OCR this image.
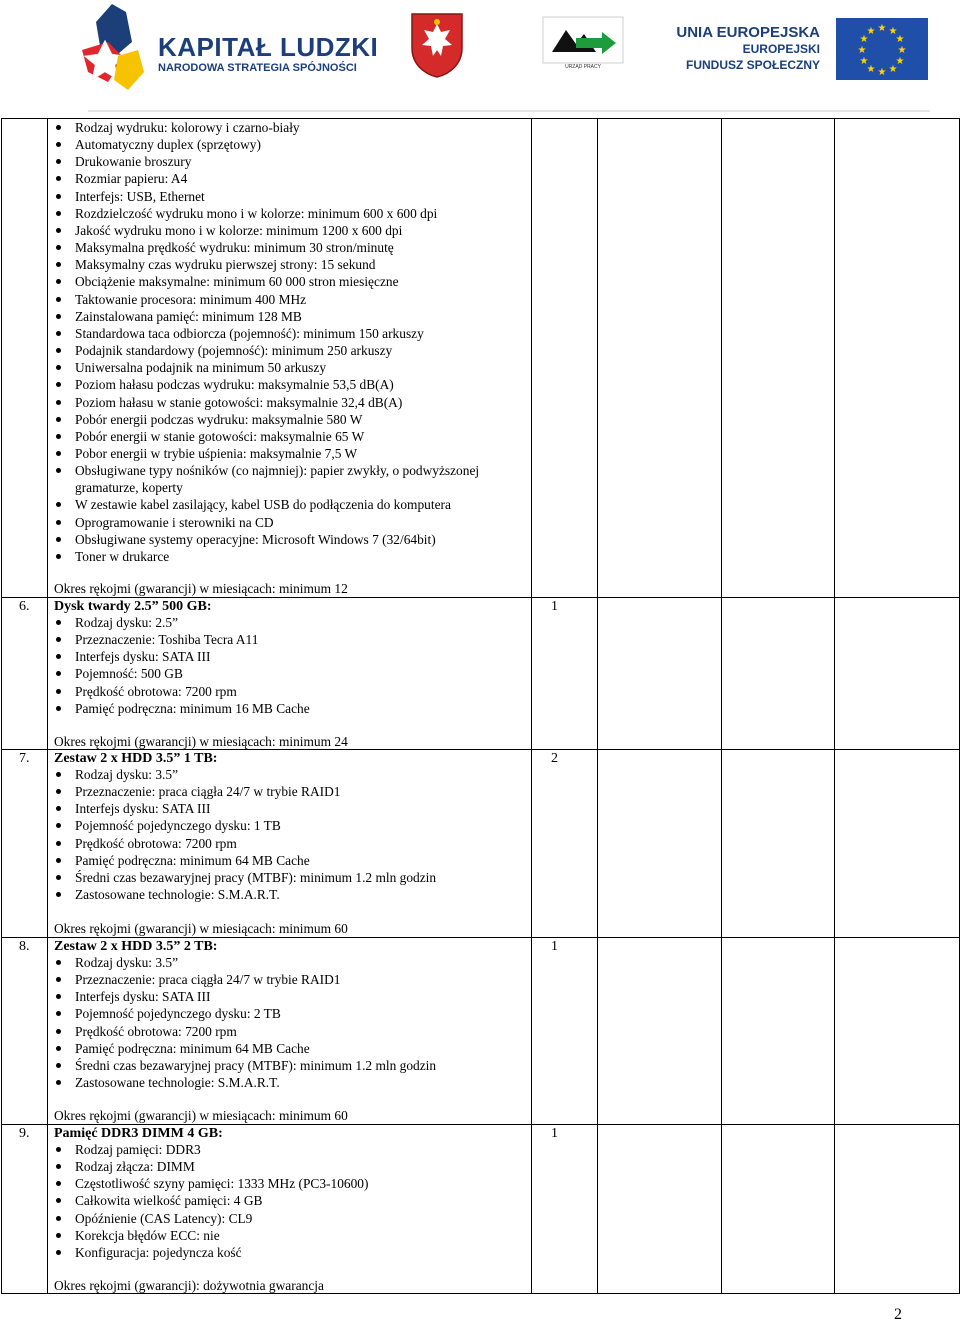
KAPITAŁ LUDZKI
NARODOWA STRATEGIA SPÓJNOŚCI	URZĄD PRACY
UNIA EUROPEJSKA
EUROPEJSKI
FUNDUSZ SPOŁECZNY
★ ★
★
★
★
★
★
★
★
★
★
★
Rodzaj wydruku: kolorowy i czarno-biały
Automatyczny duplex (sprzętowy)
Drukowanie broszury
Rozmiar papieru: A4
Interfejs: USB, Ethernet
Rozdzielczość wydruku mono i w kolorze: minimum 600 x 600 dpi
Jakość wydruku mono i w kolorze: minimum 1200 x 600 dpi
Maksymalna prędkość wydruku: minimum 30 stron/minutę
Maksymalny czas wydruku pierwszej strony: 15 sekund
Obciążenie maksymalne: minimum 60 000 stron miesięczne
Taktowanie procesora: minimum 400 MHz
Zainstalowana pamięć: minimum 128 MB
Standardowa taca odbiorcza (pojemność): minimum 150 arkuszy
Podajnik standardowy (pojemność): minimum 250 arkuszy
Uniwersalna podajnik na minimum 50 arkuszy
Poziom hałasu podczas wydruku: maksymalnie 53,5 dB(A)
Poziom hałasu w stanie gotowości: maksymalnie 32,4 dB(A)
Pobór energii podczas wydruku: maksymalnie 580 W
Pobór energii w stanie gotowości: maksymalnie 65 W
Pobor energii w trybie uśpienia: maksymalnie 7,5 W
Obsługiwane typy nośników (co najmniej): papier zwykły, o podwyższonej gramaturze, koperty
W zestawie kabel zasilający, kabel USB do podłączenia do komputera
Oprogramowanie i sterowniki na CD
Obsługiwane systemy operacyjne: Microsoft Windows 7 (32/64bit)
Toner w drukarce
Okres rękojmi (gwarancji) w miesiącach: minimum 12
6. Dysk twardy 2.5” 500 GB:	1
Rodzaj dysku: 2.5”
Przeznaczenie: Toshiba Tecra A11
Interfejs dysku: SATA III
Pojemność: 500 GB
Prędkość obrotowa: 7200 rpm
Pamięć podręczna: minimum 16 MB Cache
Okres rękojmi (gwarancji) w miesiącach: minimum 24
7. Zestaw 2 x HDD 3.5” 1 TB:	2
Rodzaj dysku: 3.5”
Przeznaczenie: praca ciągła 24/7 w trybie RAID1
Interfejs dysku: SATA III
Pojemność pojedynczego dysku: 1 TB
Prędkość obrotowa: 7200 rpm
Pamięć podręczna: minimum 64 MB Cache
Średni czas bezawaryjnej pracy (MTBF): minimum 1.2 mln godzin
Zastosowane technologie: S.M.A.R.T.
Okres rękojmi (gwarancji) w miesiącach: minimum 60
8. Zestaw 2 x HDD 3.5” 2 TB:	1
Rodzaj dysku: 3.5”
Przeznaczenie: praca ciągła 24/7 w trybie RAID1
Interfejs dysku: SATA III
Pojemność pojedynczego dysku: 2 TB
Prędkość obrotowa: 7200 rpm
Pamięć podręczna: minimum 64 MB Cache
Średni czas bezawaryjnej pracy (MTBF): minimum 1.2 mln godzin
Zastosowane technologie: S.M.A.R.T.
Okres rękojmi (gwarancji) w miesiącach: minimum 60
9. Pamięć DDR3 DIMM 4 GB:	1
Rodzaj pamięci: DDR3
Rodzaj złącza: DIMM
Częstotliwość szyny pamięci: 1333 MHz (PC3-10600)
Całkowita wielkość pamięci: 4 GB
Opóźnienie (CAS Latency): CL9
Korekcja błędów ECC: nie
Konfiguracja: pojedyncza kość
Okres rękojmi (gwarancji): dożywotnia gwarancja
2
